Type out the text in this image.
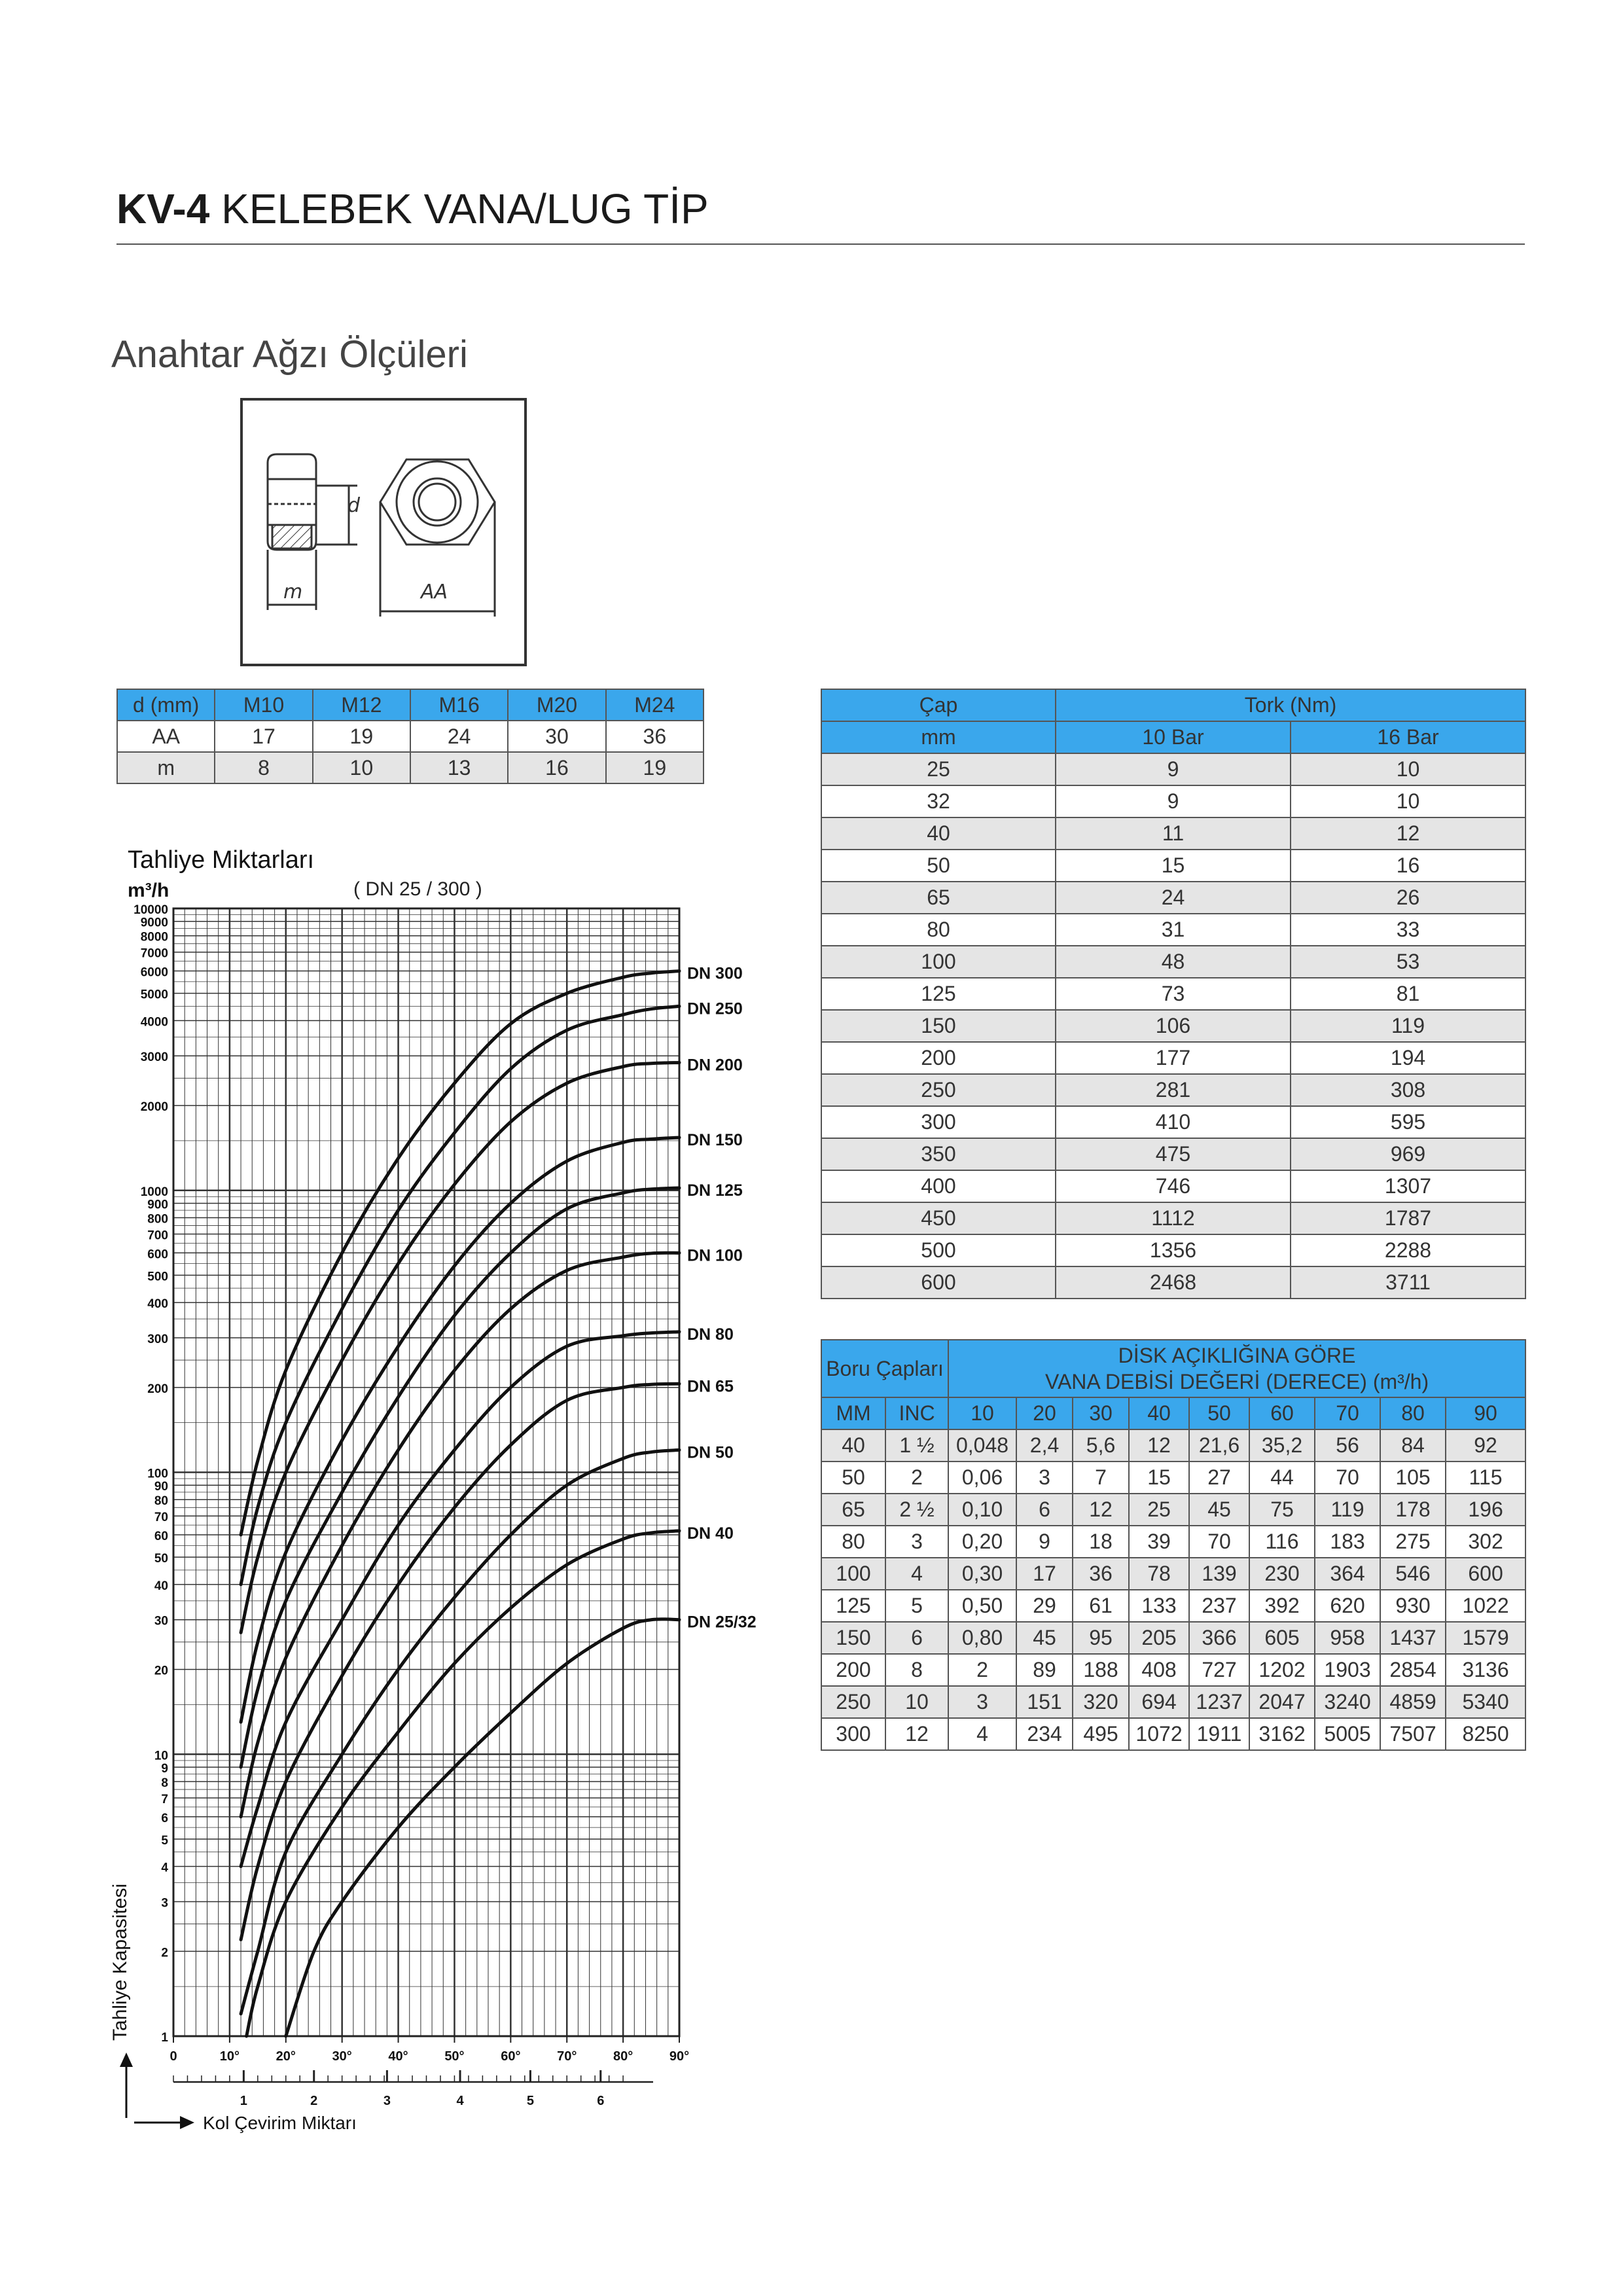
KV-4 KELEBEK VANA/LUG TİP
Anahtar Ağzı Ölçüleri
d
m	AA
d (mm)	M10	M12	M16	M20	M24
AA	17	19	24	30	36
m	8	10	13	16	19
Çap	Tork (Nm)	
mm	10 Bar	16 Bar
25	9	10
32	9	10
40	11	12
50	15	16
65	24	26
80	31	33
100	48	53
125	73	81
150	106	119
200	177	194
250	281	308
300	410	595
350	475	969
400	746	1307
450	1112	1787
500	1356	2288
600	2468	3711
Boru Çapları		DİSK AÇIKLIĞINA GÖRE
VANA DEBİSİ DEĞERİ (DERECE) (m³/h)								

MM	INC	10	20	30	40	50	60	70	80	90
40	1 ½	0,048	2,4	5,6	12	21,6	35,2	56	84	92
50	2	0,06	3	7	15	27	44	70	105	115
65	2 ½	0,10	6	12	25	45	75	119	178	196
80	3	0,20	9	18	39	70	116	183	275	302
100	4	0,30	17	36	78	139	230	364	546	600
125	5	0,50	29	61	133	237	392	620	930	1022
150	6	0,80	45	95	205	366	605	958	1437	1579
200	8	2	89	188	408	727	1202	1903	2854	3136
250	10	3	151	320	694	1237	2047	3240	4859	5340
300	12	4	234	495	1072	1911	3162	5005	7507	8250
Tahliye Miktarları
( DN 25 / 300 )
m³/h
1
2
3
4
5
6
7
8
9
10
20
30
40
50
60
70
80
90
100
200
300
400
500
600
700
800
900
1000
2000
3000
4000
5000
6000
7000
8000
9000
10000
0	10°	20°	30°	40°	50°	60°	70°	80°	90°
1	2	3	4	5	6
DN 25/32
DN 40
DN 50
DN 65
DN 80
DN 100
DN 125
DN 150
DN 200
DN 250
DN 300
Tahliye Kapasitesi
Kol Çevirim Miktarı
